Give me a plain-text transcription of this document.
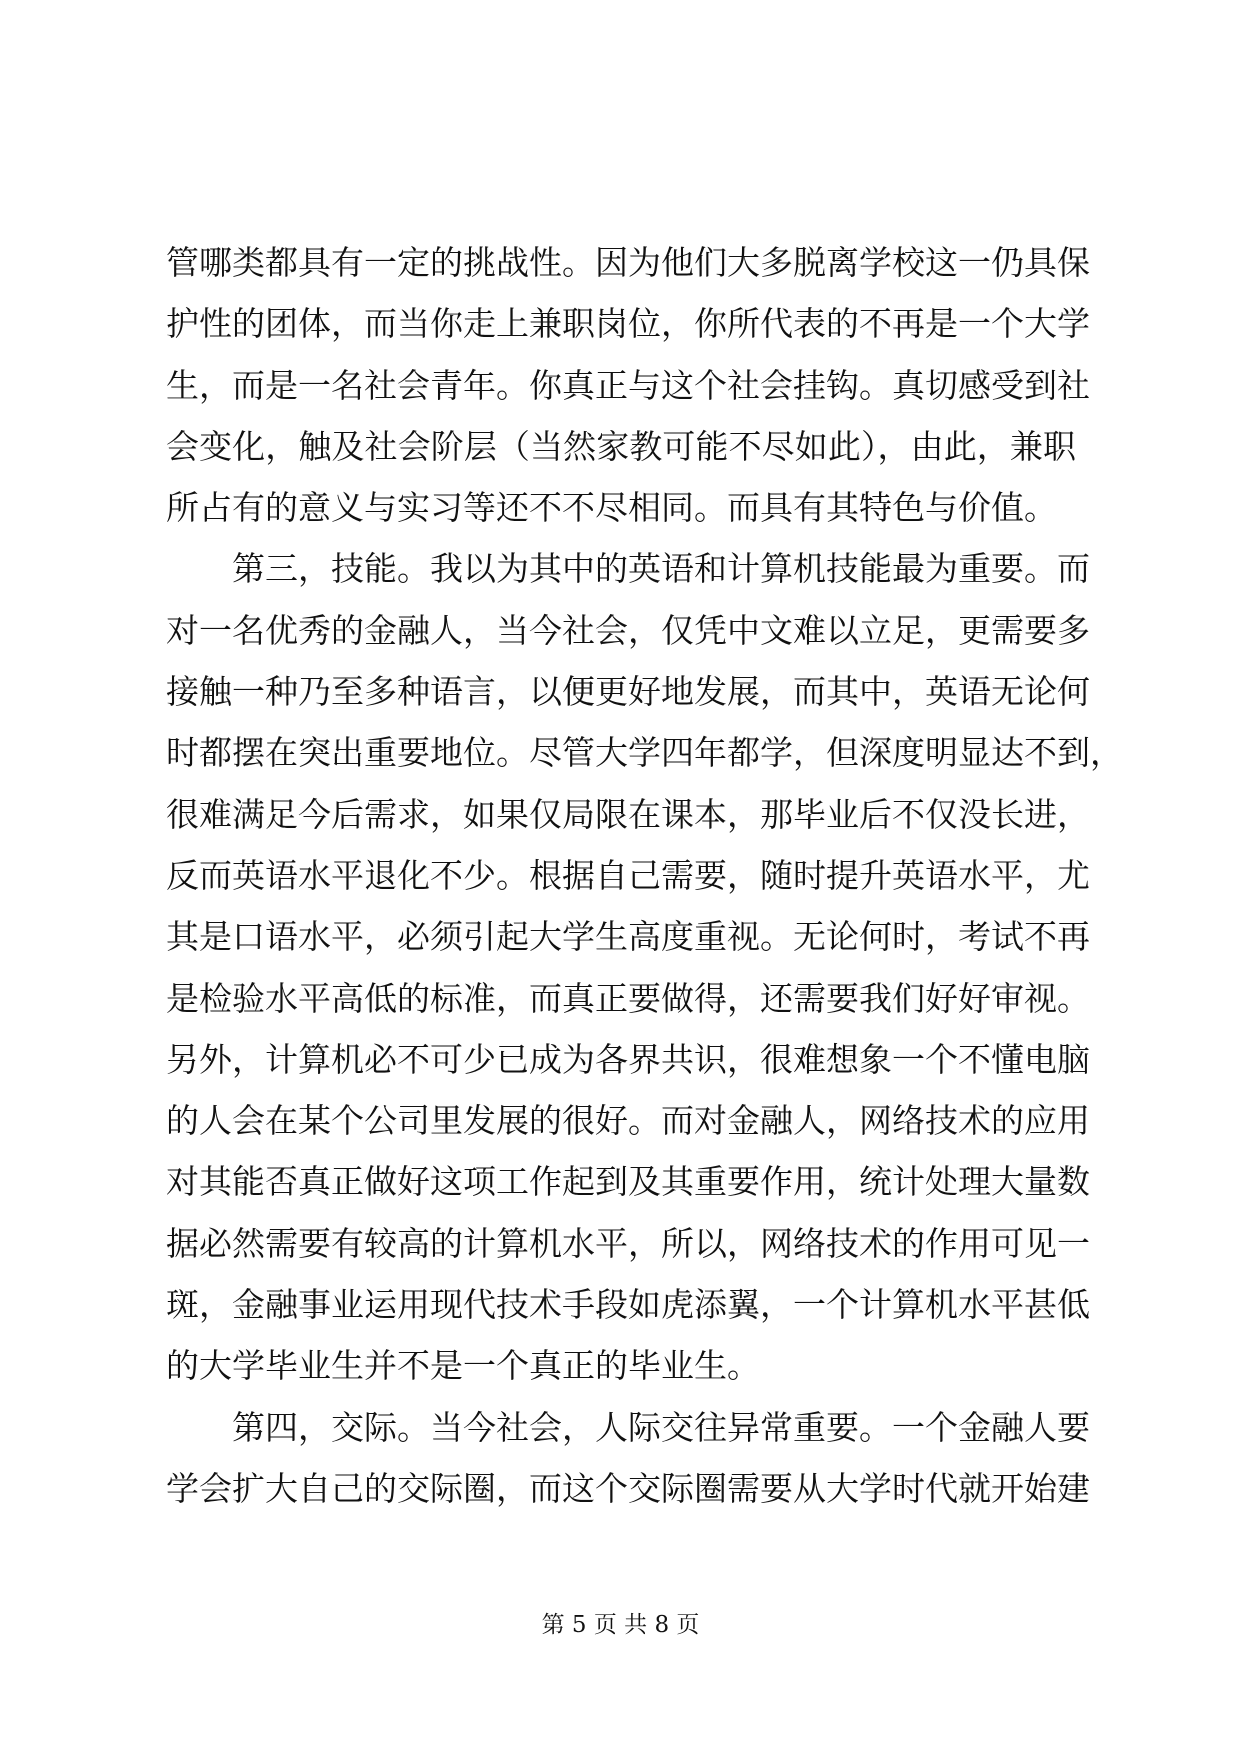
管哪类都具有一定的挑战性。因为他们大多脱离学校这一仍具保
护性的团体，而当你走上兼职岗位，你所代表的不再是一个大学
生，而是一名社会青年。你真正与这个社会挂钩。真切感受到社
会变化，触及社会阶层（当然家教可能不尽如此），由此，兼职
所占有的意义与实习等还不不尽相同。而具有其特色与价值。
第三，技能。我以为其中的英语和计算机技能最为重要。而
对一名优秀的金融人，当今社会，仅凭中文难以立足，更需要多
接触一种乃至多种语言，以便更好地发展，而其中，英语无论何
时都摆在突出重要地位。尽管大学四年都学，但深度明显达不到，
很难满足今后需求，如果仅局限在课本，那毕业后不仅没长进，
反而英语水平退化不少。根据自己需要，随时提升英语水平，尤
其是口语水平，必须引起大学生高度重视。无论何时，考试不再
是检验水平高低的标准，而真正要做得，还需要我们好好审视。
另外，计算机必不可少已成为各界共识，很难想象一个不懂电脑
的人会在某个公司里发展的很好。而对金融人，网络技术的应用
对其能否真正做好这项工作起到及其重要作用，统计处理大量数
据必然需要有较高的计算机水平，所以，网络技术的作用可见一
斑，金融事业运用现代技术手段如虎添翼，一个计算机水平甚低
的大学毕业生并不是一个真正的毕业生。
第四，交际。当今社会，人际交往异常重要。一个金融人要
学会扩大自己的交际圈，而这个交际圈需要从大学时代就开始建
第 5 页 共 8 页
